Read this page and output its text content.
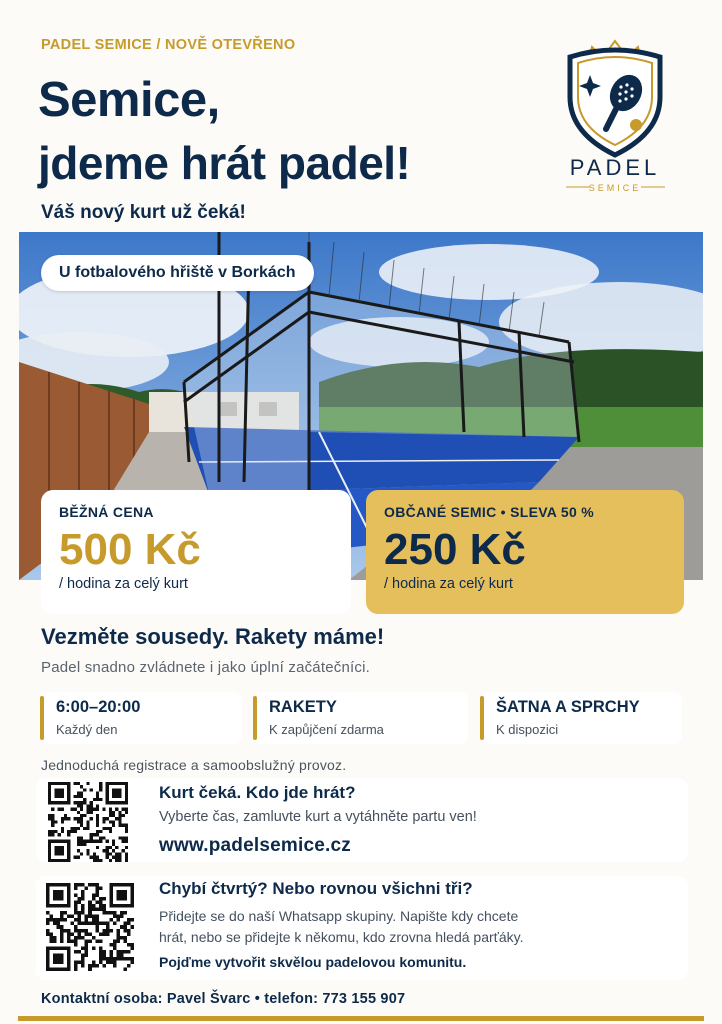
PADEL SEMICE / NOVĚ OTEVŘENO
Semice,
jdeme hrát padel!
Váš nový kurt už čeká!
PADEL
SEMICE
U fotbalového hřiště v Borkách
BĚŽNÁ CENA
500 Kč
/ hodina za celý kurt
OBČANÉ SEMIC • SLEVA 50 %
250 Kč
/ hodina za celý kurt
Vezměte sousedy. Rakety máme!
Padel snadno zvládnete i jako úplní začátečníci.
6:00–20:00
Každý den
RAKETY
K zapůjčení zdarma
ŠATNA A SPRCHY
K dispozici
Jednoduchá registrace a samoobslužný provoz.
Kurt čeká. Kdo jde hrát?
Vyberte čas, zamluvte kurt a vytáhněte partu ven!
www.padelsemice.cz
Chybí čtvrtý? Nebo rovnou všichni tři?
Přidejte se do naší Whatsapp skupiny. Napište kdy chcete
hrát, nebo se přidejte k někomu, kdo zrovna hledá parťáky.
Pojďme vytvořit skvělou padelovou komunitu.
Kontaktní osoba: Pavel Švarc • telefon: 773 155 907
